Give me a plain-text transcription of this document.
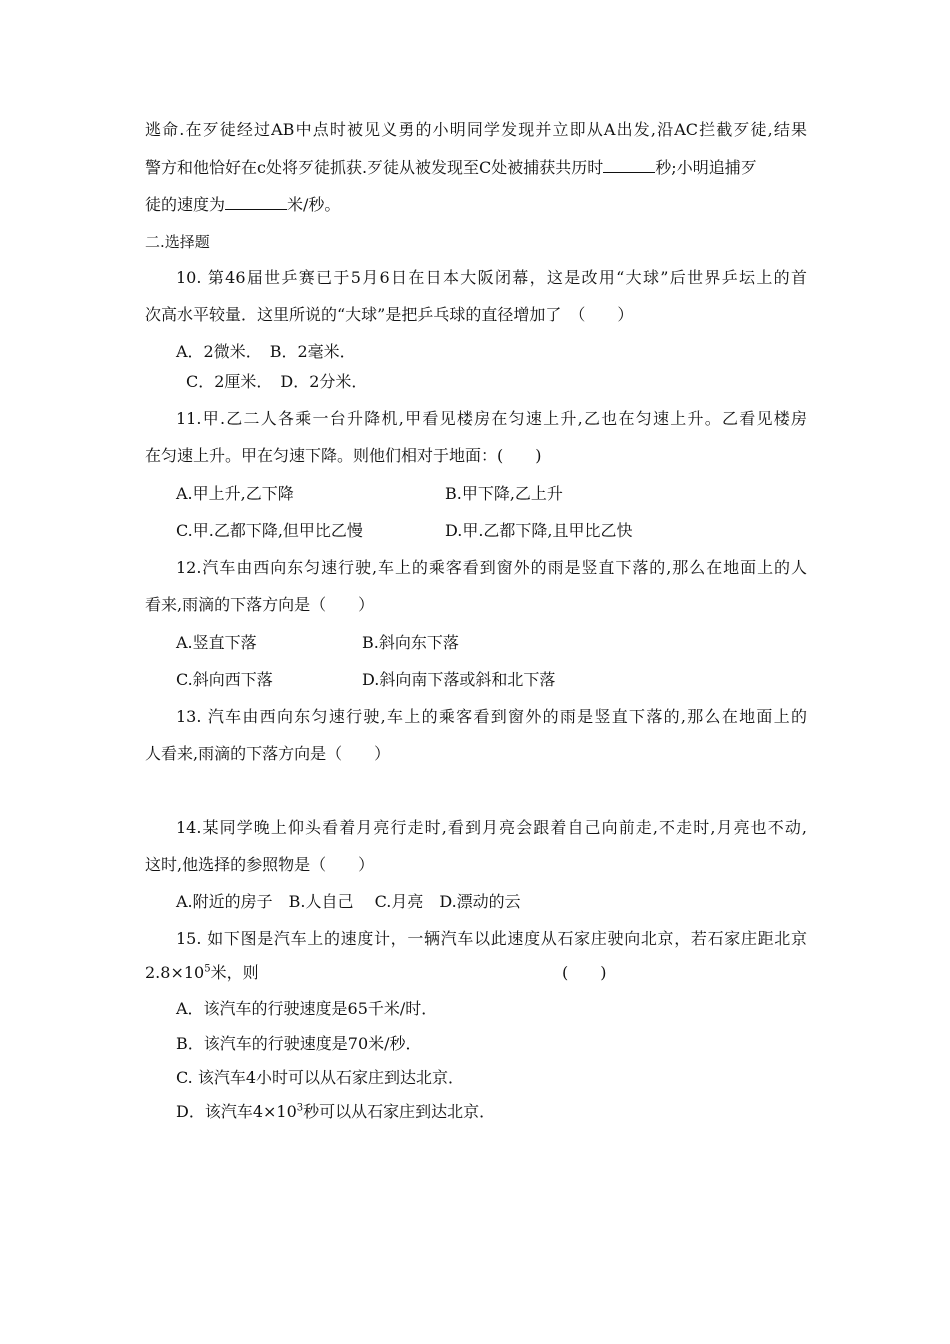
逃命.在歹徒经过AB中点时被见义勇的小明同学发现并立即从A出发,沿AC拦截歹徒,结果
警方和他恰好在c处将歹徒抓获.歹徒从被发现至C处被捕获共历时	秒;小明追捕歹
徒的速度为	米/秒。
二.选择题
10. 第46届世乒赛已于5月6日在日本大阪闭幕，这是改用“大球”后世界乒坛上的首
次高水平较量．这里所说的“大球”是把乒乓球的直径增加了　（　　）
A．2微米．　B．2毫米．
C．2厘米．　D．2分米．
11.甲.乙二人各乘一台升降机,甲看见楼房在匀速上升,乙也在匀速上升。乙看见楼房
在匀速上升。甲在匀速下降。则他们相对于地面：(　　)
A.甲上升,乙下降	B.甲下降,乙上升
C.甲.乙都下降,但甲比乙慢	D.甲.乙都下降,且甲比乙快
12.汽车由西向东匀速行驶,车上的乘客看到窗外的雨是竖直下落的,那么在地面上的人
看来,雨滴的下落方向是（　　）
A.竖直下落	B.斜向东下落
C.斜向西下落	D.斜向南下落或斜和北下落
13. 汽车由西向东匀速行驶,车上的乘客看到窗外的雨是竖直下落的,那么在地面上的
人看来,雨滴的下落方向是（　　）
14.某同学晚上仰头看着月亮行走时,看到月亮会跟着自己向前走,不走时,月亮也不动,
这时,他选择的参照物是（　　）
A.附近的房子　B.人自己　 C.月亮　D.漂动的云
15. 如下图是汽车上的速度计，一辆汽车以此速度从石家庄驶向北京，若石家庄距北京
$2.8\times 10^5$米，则	(　　)
A．该汽车的行驶速度是65千米/时．
B．该汽车的行驶速度是70米/秒．
C. 该汽车4小时可以从石家庄到达北京．
D．该汽车$4\times 10^3$秒可以从石家庄到达北京．
